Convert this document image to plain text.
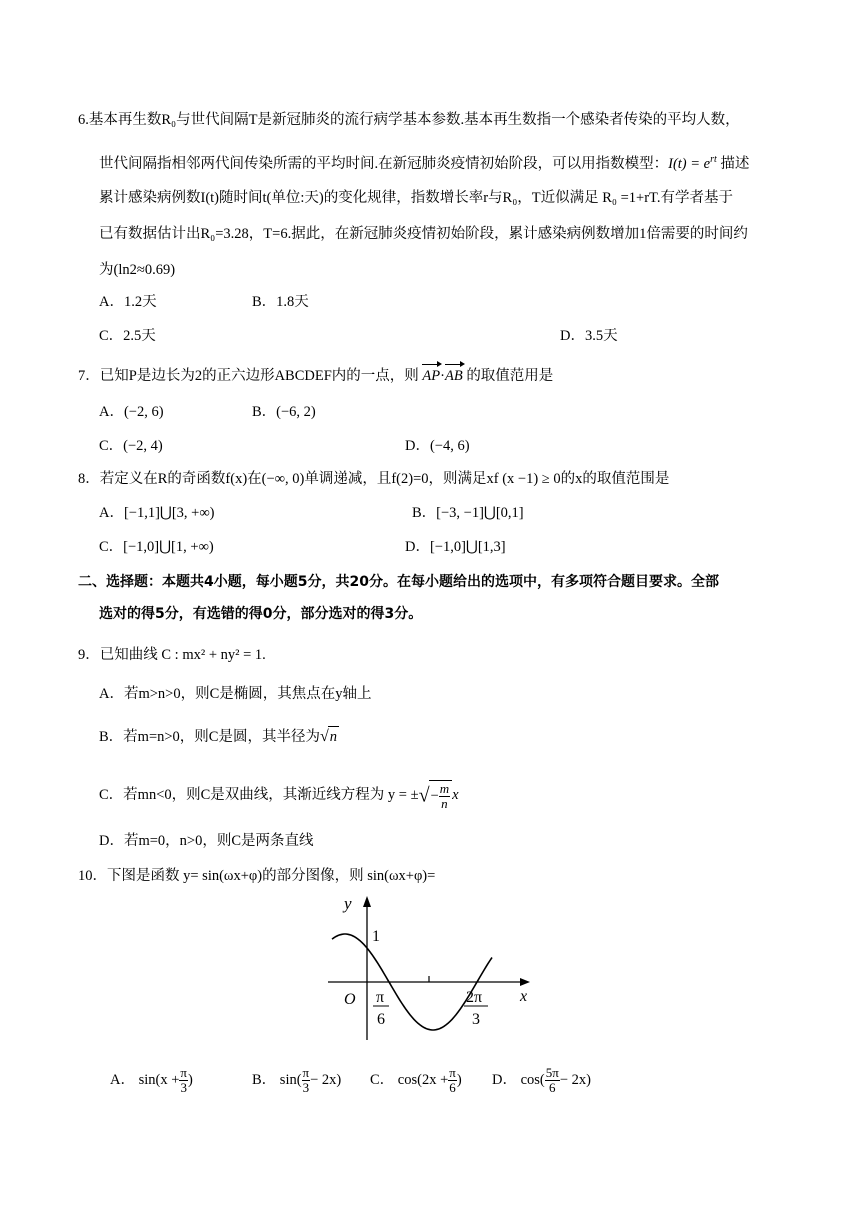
6.基本再生数R₀与世代间隔T是新冠肺炎的流行病学基本参数.基本再生数指一个感染者传染的平均人数，
世代间隔指相邻两代间传染所需的平均时间.在新冠肺炎疫情初始阶段，可以用指数模型：$I(t) = e^{rt}$ 描述
累计感染病例数I(t)随时间t(单位:天)的变化规律，指数增长率r与R₀，T近似满足 R₀ =1+rT.有学者基于
已有数据估计出R₀=3.28，T=6.据此，在新冠肺炎疫情初始阶段，累计感染病例数增加1倍需要的时间约
为(ln2≈0.69)
A．1.2天	B．1.8天
C．2.5天	D．3.5天
7．已知P是边长为2的正六边形ABCDEF内的一点，则 AP·AB 的取值范用是
A．(−2, 6)	B．(−6, 2)
C．(−2, 4)	D．(−4, 6)
8．若定义在R的奇函数f(x)在(−∞, 0)单调递减，且f(2)=0，则满足xf (x −1) ≥ 0的x的取值范围是
A．[−1,1]⋃[3, +∞)	B．[−3, −1]⋃[0,1]
C．[−1,0]⋃[1, +∞)	D．[−1,0]⋃[1,3]
二、选择题：本题共4小题，每小题5分，共20分。在每小题给出的选项中，有多项符合题目要求。全部
选对的得5分，有选错的得0分，部分选对的得3分。
9．已知曲线 C : mx² + ny² = 1.
A．若m>n>0，则C是椭圆，其焦点在y轴上
B．若m=n>0，则C是圆，其半径为√n
C．若mn<0，则C是双曲线，其渐近线方程为 y = ±√− $\frac{m}{n}$ x
D．若m=0，n>0，则C是两条直线
10．下图是函数 y= sin(ωx+φ)的部分图像，则 sin(ωx+φ)=
y
1
O	x
π
6
2π
3
A． $\sin(x + \frac{\pi}{3}$ )	B． $\sin( \frac{\pi}{3} - 2x)$ C． $\cos(2x + \frac{\pi}{6}$ ) D． $\cos( \frac{5\pi}{6} - 2x)$
